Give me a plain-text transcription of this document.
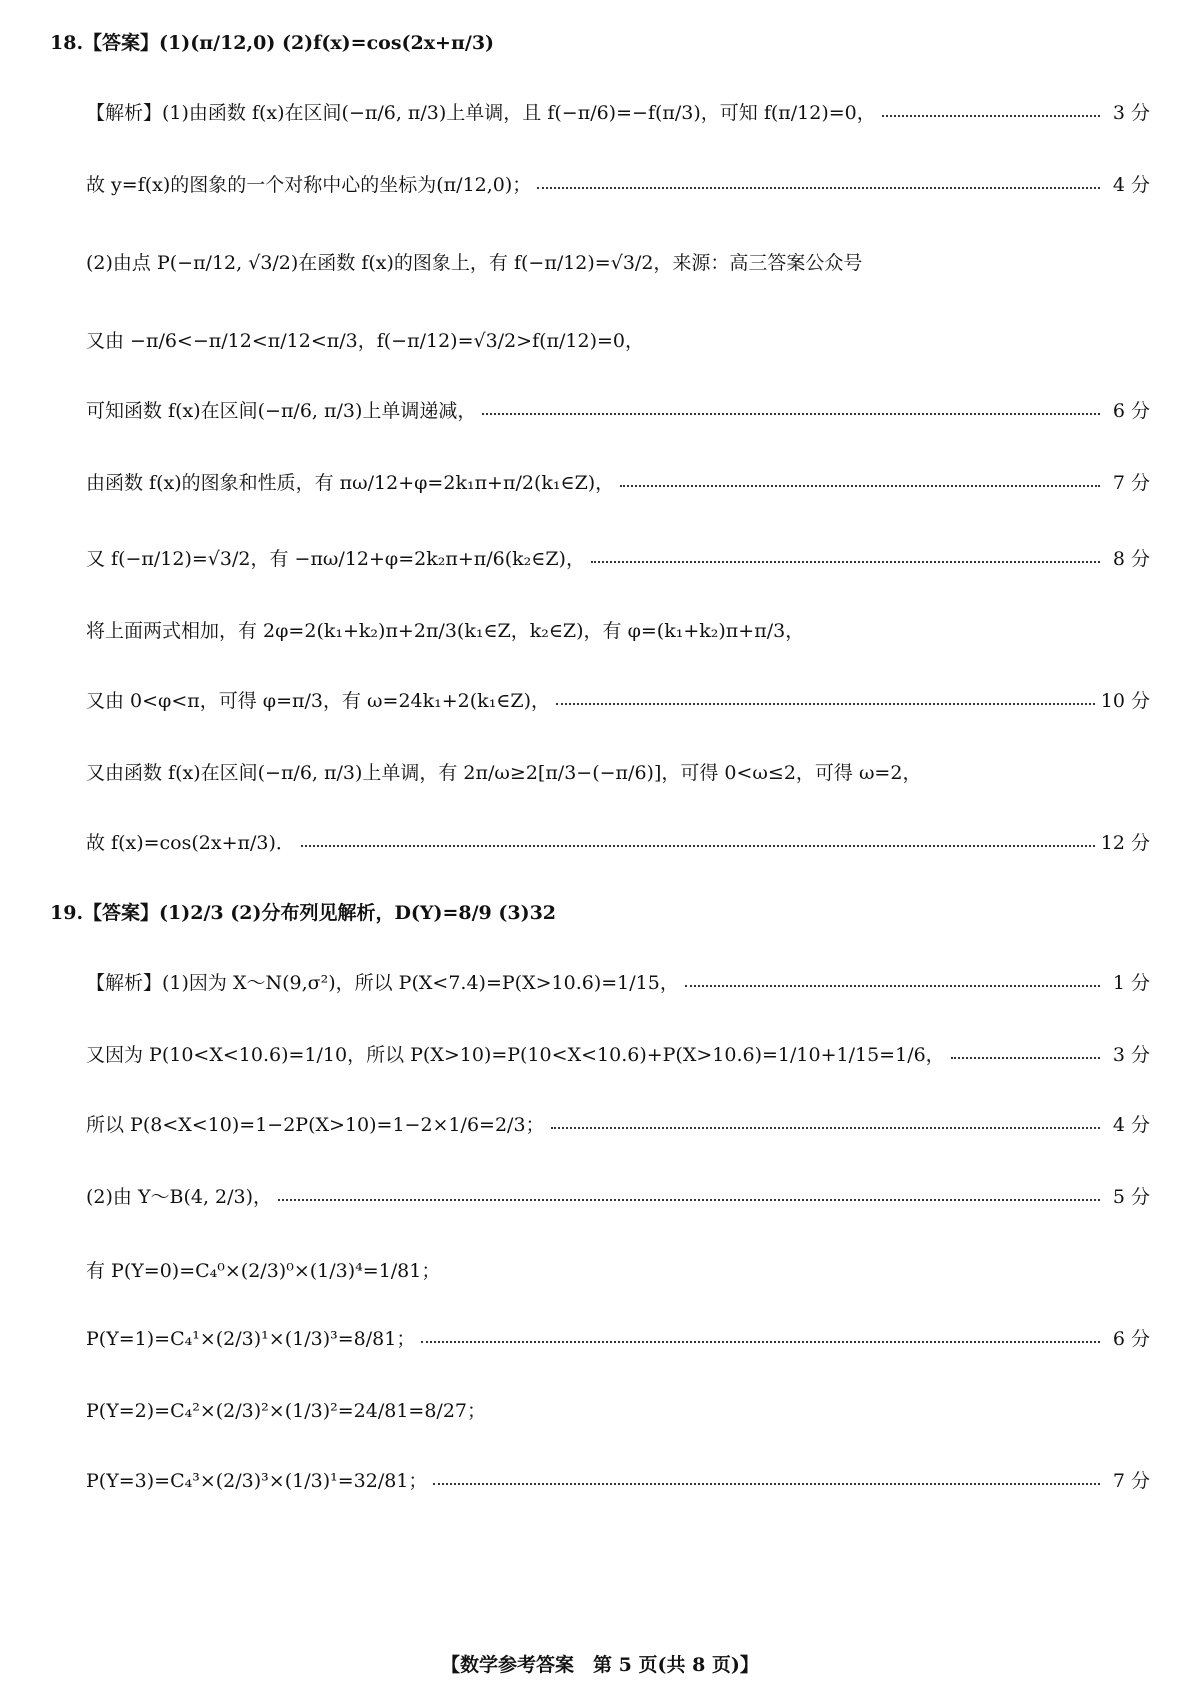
18.【答案】(1)(π/12,0) (2)f(x)=cos(2x+π/3)
【解析】(1)由函数 f(x)在区间(−π/6, π/3)上单调，且 f(−π/6)=−f(π/3)，可知 f(π/12)=0，	3 分
故 y=f(x)的图象的一个对称中心的坐标为(π/12,0)；	4 分
(2)由点 P(−π/12, √3/2)在函数 f(x)的图象上，有 f(−π/12)=√3/2，来源：高三答案公众号
又由 −π/6<−π/12<π/12<π/3，f(−π/12)=√3/2>f(π/12)=0，
可知函数 f(x)在区间(−π/6, π/3)上单调递减，	6 分
由函数 f(x)的图象和性质，有 πω/12+φ=2k₁π+π/2(k₁∈Z)，	7 分
又 f(−π/12)=√3/2，有 −πω/12+φ=2k₂π+π/6(k₂∈Z)，	8 分
将上面两式相加，有 2φ=2(k₁+k₂)π+2π/3(k₁∈Z，k₂∈Z)，有 φ=(k₁+k₂)π+π/3，
又由 0<φ<π，可得 φ=π/3，有 ω=24k₁+2(k₁∈Z)，	10 分
又由函数 f(x)在区间(−π/6, π/3)上单调，有 2π/ω≥2[π/3−(−π/6)]，可得 0<ω≤2，可得 ω=2，
故 f(x)=cos(2x+π/3)．	12 分
19.【答案】(1)2/3 (2)分布列见解析，D(Y)=8/9 (3)32
【解析】(1)因为 X～N(9,σ²)，所以 P(X<7.4)=P(X>10.6)=1/15，	1 分
又因为 P(10<X<10.6)=1/10，所以 P(X>10)=P(10<X<10.6)+P(X>10.6)=1/10+1/15=1/6，	3 分
所以 P(8<X<10)=1−2P(X>10)=1−2×1/6=2/3；	4 分
(2)由 Y～B(4, 2/3)，	5 分
有 P(Y=0)=C₄⁰×(2/3)⁰×(1/3)⁴=1/81；
P(Y=1)=C₄¹×(2/3)¹×(1/3)³=8/81；	6 分
P(Y=2)=C₄²×(2/3)²×(1/3)²=24/81=8/27；
P(Y=3)=C₄³×(2/3)³×(1/3)¹=32/81；	7 分
【数学参考答案　第 5 页(共 8 页)】
